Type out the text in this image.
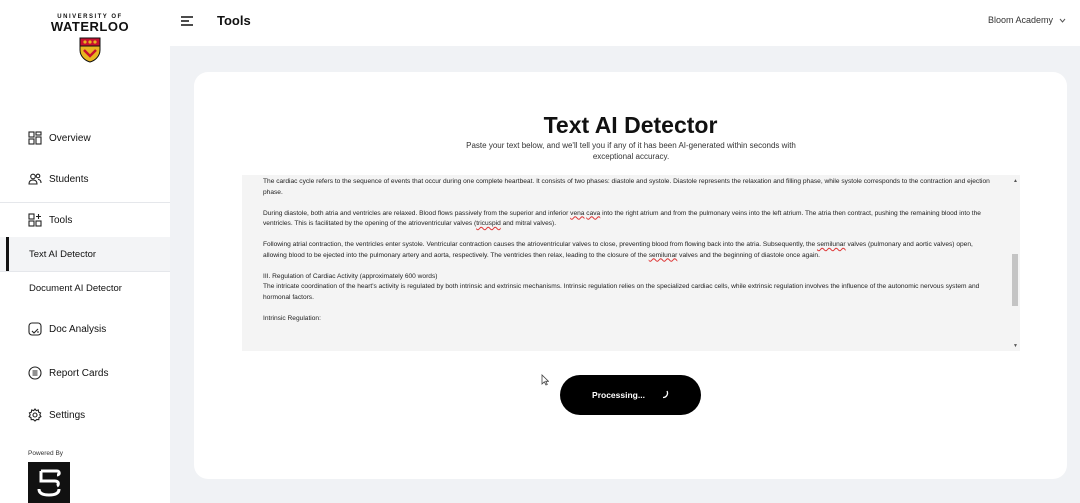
UNIVERSITY OF
WATERLOO
Overview
Students
Tools
Text AI Detector
Document AI Detector
Doc Analysis
Report Cards
Settings
Powered By
Tools	Bloom Academy
Text AI Detector

Paste your text below, and we'll tell you if any of it has been AI-generated within seconds with exceptional accuracy.

The cardiac cycle refers to the sequence of events that occur during one complete heartbeat. It consists of two phases: diastole and systole. Diastole represents the relaxation and filling phase, while systole corresponds to the contraction and ejection phase.

During diastole, both atria and ventricles are relaxed. Blood flows passively from the superior and inferior vena cava into the right atrium and from the pulmonary veins into the left atrium. The atria then contract, pushing the remaining blood into the ventricles. This is facilitated by the opening of the atrioventricular valves (tricuspid and mitral valves).

Following atrial contraction, the ventricles enter systole. Ventricular contraction causes the atrioventricular valves to close, preventing blood from flowing back into the atria. Subsequently, the semilunar valves (pulmonary and aortic valves) open, allowing blood to be ejected into the pulmonary artery and aorta, respectively. The ventricles then relax, leading to the closure of the semilunar valves and the beginning of diastole once again.

III. Regulation of Cardiac Activity (approximately 600 words)
The intricate coordination of the heart's activity is regulated by both intrinsic and extrinsic mechanisms. Intrinsic regulation relies on the specialized cardiac cells, while extrinsic regulation involves the influence of the autonomic nervous system and hormonal factors.

Intrinsic Regulation:

▲
▼
Processing...
